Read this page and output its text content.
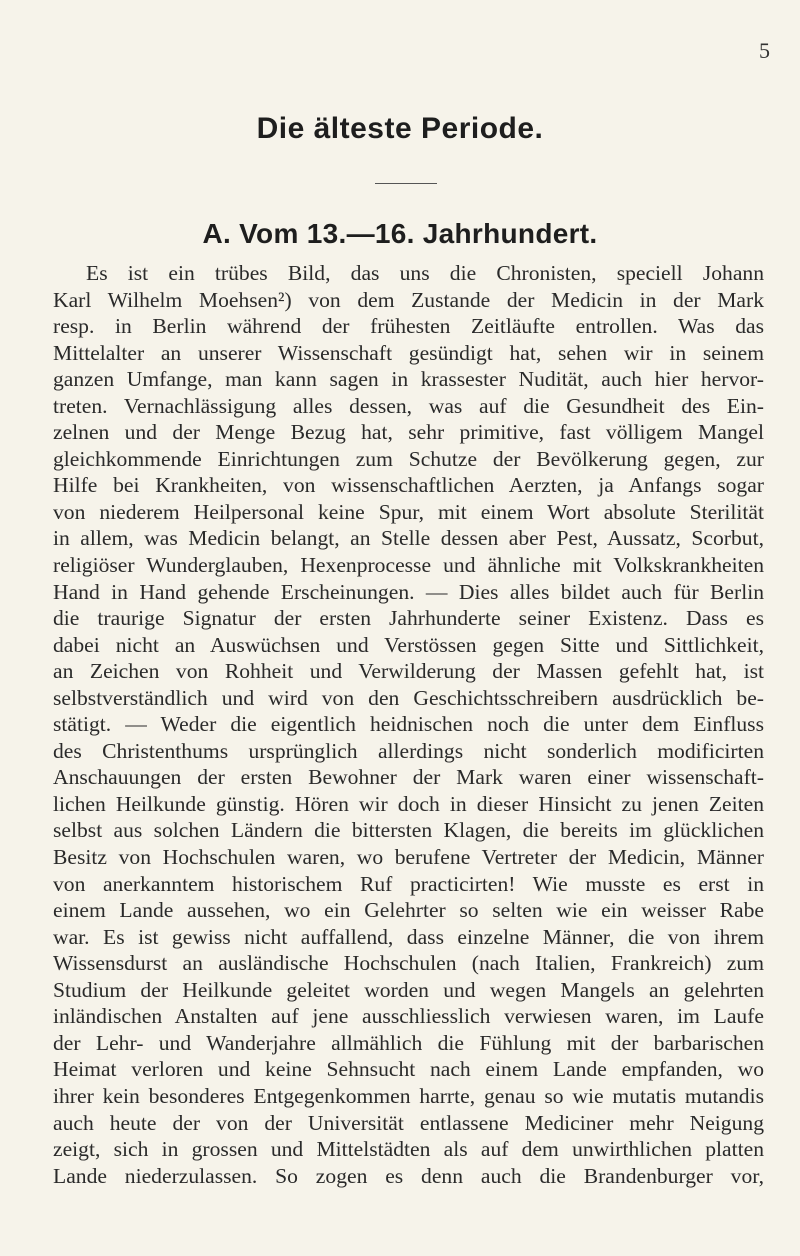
5
Die älteste Periode.
A. Vom 13.—16. Jahrhundert.
Es ist ein trübes Bild, das uns die Chronisten, speciell Johann
Karl Wilhelm Moehsen²) von dem Zustande der Medicin in der Mark
resp. in Berlin während der frühesten Zeitläufte entrollen. Was das
Mittelalter an unserer Wissenschaft gesündigt hat, sehen wir in seinem
ganzen Umfange, man kann sagen in krassester Nudität, auch hier hervor-
treten. Vernachlässigung alles dessen, was auf die Gesundheit des Ein-
zelnen und der Menge Bezug hat, sehr primitive, fast völligem Mangel
gleichkommende Einrichtungen zum Schutze der Bevölkerung gegen, zur
Hilfe bei Krankheiten, von wissenschaftlichen Aerzten, ja Anfangs sogar
von niederem Heilpersonal keine Spur, mit einem Wort absolute Sterilität
in allem, was Medicin belangt, an Stelle dessen aber Pest, Aussatz, Scorbut,
religiöser Wunderglauben, Hexenprocesse und ähnliche mit Volkskrankheiten
Hand in Hand gehende Erscheinungen. — Dies alles bildet auch für Berlin
die traurige Signatur der ersten Jahrhunderte seiner Existenz. Dass es
dabei nicht an Auswüchsen und Verstössen gegen Sitte und Sittlichkeit,
an Zeichen von Rohheit und Verwilderung der Massen gefehlt hat, ist
selbstverständlich und wird von den Geschichtsschreibern ausdrücklich be-
stätigt. — Weder die eigentlich heidnischen noch die unter dem Einfluss
des Christenthums ursprünglich allerdings nicht sonderlich modificirten
Anschauungen der ersten Bewohner der Mark waren einer wissenschaft-
lichen Heilkunde günstig. Hören wir doch in dieser Hinsicht zu jenen Zeiten
selbst aus solchen Ländern die bittersten Klagen, die bereits im glücklichen
Besitz von Hochschulen waren, wo berufene Vertreter der Medicin, Männer
von anerkanntem historischem Ruf practicirten! Wie musste es erst in
einem Lande aussehen, wo ein Gelehrter so selten wie ein weisser Rabe
war. Es ist gewiss nicht auffallend, dass einzelne Männer, die von ihrem
Wissensdurst an ausländische Hochschulen (nach Italien, Frankreich) zum
Studium der Heilkunde geleitet worden und wegen Mangels an gelehrten
inländischen Anstalten auf jene ausschliesslich verwiesen waren, im Laufe
der Lehr- und Wanderjahre allmählich die Fühlung mit der barbarischen
Heimat verloren und keine Sehnsucht nach einem Lande empfanden, wo
ihrer kein besonderes Entgegenkommen harrte, genau so wie mutatis mutandis
auch heute der von der Universität entlassene Mediciner mehr Neigung
zeigt, sich in grossen und Mittelstädten als auf dem unwirthlichen platten
Lande niederzulassen. So zogen es denn auch die Brandenburger vor,
